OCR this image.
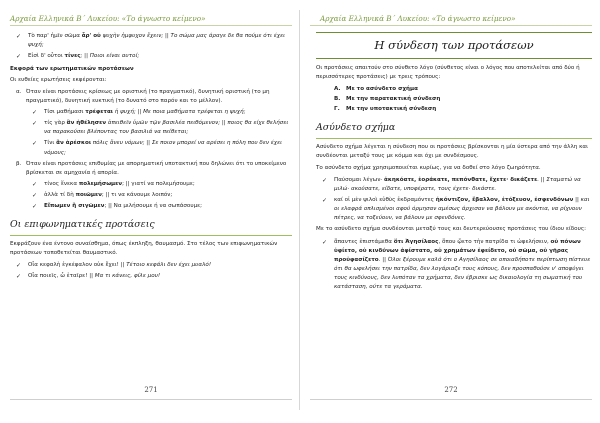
Αρχαία Ελληνικά Β΄ Λυκείου: «Το άγνωστο κείμενο»
✓ Τὸ παρ' ἡμῖν σῶμα ἆρ' οὐ ψυχὴν ἠμψυχον ἔχειν; || Το σώμα μας άραγε δε θα πούμε ότι έχει ψυχή;
✓ Εἰσὶ δ' οὗτοι τίνες; || Ποιοι είναι αυτοί;
Εκφορά των ερωτηματικών προτάσεων
Οι ευθείες ερωτήσεις εκφέρονται:
α. Όταν είναι προτάσεις κρίσεως με οριστική (το πραγματικό), δυνητική οριστική (το μη πραγματικό), δυνητική ευκτική (το δυνατό στο παρόν και το μέλλον).
✓ Τίσι μαθήμασι τρέφεται ἡ ψυχή; || Με ποια μαθήματα τρέφεται η ψυχή;
✓ τίς γὰρ ἂν ἠθέλησεν ἀπειθεῖν ὑμῶν τῷν βασιλέα πειθόμενον; || ποιος θα είχε θελήσει να παρακούσει βλέποντας τον βασιλιά να πείθεται;
✓ Τίνι ἂν ἀρέσκοι πόλις ἄνευ νόμων; || Σε ποιον μπορεί να αρέσει η πόλη που δεν έχει νόμους;
β. Όταν είναι προτάσεις επιθυμίας με απορηματική υποτακτική που δηλώνει ότι το υποκείμενο βρίσκεται σε αμηχανία ή απορία.
✓ τίνος ἕνεκα πολεμήσωμεν; || γιατί να πολεμήσουμε;
✓ ἀλλὰ τί δὴ ποιῶμεν; || τι να κάνουμε λοιπόν;
✓ Εἴπωμεν ἢ σιγῶμεν; || Να μιλήσουμε ή να σωπάσουμε;
Οι επιφωνηματικές προτάσεις
Εκφράζουν ένα έντονο συναίσθημα, όπως έκπληξη, θαυμασμό. Στο τέλος των επιφωνηματικών προτάσεων τοποθετείται θαυμαστικό.
✓ Οἷα κεφαλὴ ἐγκέφαλον οὐκ ἔχει! || Τέτοιο κεφάλι δεν έχει μυαλό!
✓ Οἷα ποιεῖς, ὦ ἑταῖρε! || Μα τι κάνεις, φίλε μου!
271
Αρχαία Ελληνικά Β΄ Λυκείου: «Το άγνωστο κείμενο»
Η σύνδεση των προτάσεων
Οι προτάσεις απαιτούν στο σύνθετο λόγο (σύνθετος είναι ο λόγος που αποτελείται από δύο ή περισσότερες προτάσεις) με τρεις τρόπους:
Α. Με το ασύνδετο σχήμα
Β. Με την παρατακτική σύνδεση
Γ. Με την υποτακτική σύνδεση
Ασύνδετο σχήμα
Ασύνδετο σχήμα λέγεται η σύνδεση που οι προτάσεις βρίσκονται η μία ύστερα από την άλλη και συνδέονται μεταξύ τους με κόμμα και όχι με συνδέσμους.
Το ασύνδετο σχήμα χρησιμοποιείται κυρίως, για να δοθεί στο λόγο ζωηρότητα.
✓ Παύσομαι λέγων· ἀκηκόατε, ἑοράκατε, πεπόνθατε, ἔχετε· δικάζετε. || Σταματώ να μιλώ· ακούσατε, είδατε, υποφέρατε, τους έχετε· δικάστε.
✓ καί οἱ μὲν ψιλοὶ εὐθὺς ἐκδραμόντες ἠκόντιζον, ἔβαλλον, ἐτόξευον, ἐσφενδόνων || και οι ελαφρά οπλισμένοι αφού όρμησαν αμέσως άρχισαν να βάλουν με ακόντια, να ρίχνουν πέτρες, να τοξεύουν, να βάλουν με σφενδόνες.
Με το ασύνδετο σχήμα συνδέονται μεταξύ τους και δευτερεύουσες προτάσεις του ίδιου είδους:
✓ ἅπαντες ἐπιστάμεθα ὅτι Ἀγησίλαος, ὅπου ᾤετο τὴν πατρίδα τι ὠφελήσειν, οὐ πόνων ὑφίετο, οὐ κινδύνων ἀφίστατο, οὐ χρημάτων ἐφείδετο, οὐ σῶμα, οὐ γῆρας προὐφασίζετο. || Όλοι ξέρουμε καλά ότι ο Αγησίλαος σε οποιαδήποτε περίπτωση πίστευε ότι θα ωφελήσει την πατρίδα, δεν λογάριαζε τους κόπους, δεν προσπαθούσε ν' αποφύγει τους κινδύνους, δεν λυπόταν τα χρήματα, δεν έβρισκε ως δικαιολογία τη σωματική του κατάσταση, ούτε τα γεράματα.
272
